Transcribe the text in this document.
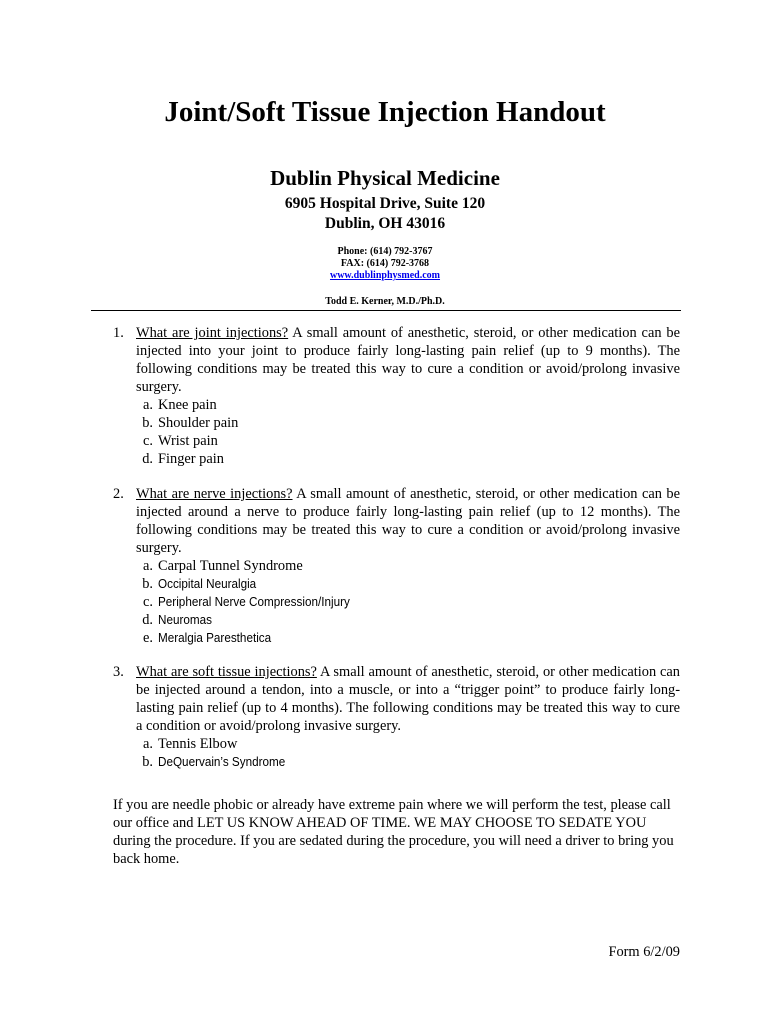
Joint/Soft Tissue Injection Handout
Dublin Physical Medicine
6905 Hospital Drive, Suite 120
Dublin, OH 43016
Phone: (614) 792-3767
FAX: (614) 792-3768
www.dublinphysmed.com
Todd E. Kerner, M.D./Ph.D.
1. What are joint injections? A small amount of anesthetic, steroid, or other medication can be injected into your joint to produce fairly long-lasting pain relief (up to 9 months). The following conditions may be treated this way to cure a condition or avoid/prolong invasive surgery.
a. Knee pain
b. Shoulder pain
c. Wrist pain
d. Finger pain
2. What are nerve injections? A small amount of anesthetic, steroid, or other medication can be injected around a nerve to produce fairly long-lasting pain relief (up to 12 months). The following conditions may be treated this way to cure a condition or avoid/prolong invasive surgery.
a. Carpal Tunnel Syndrome
b. Occipital Neuralgia
c. Peripheral Nerve Compression/Injury
d. Neuromas
e. Meralgia Paresthetica
3. What are soft tissue injections? A small amount of anesthetic, steroid, or other medication can be injected around a tendon, into a muscle, or into a “trigger point” to produce fairly long-lasting pain relief (up to 4 months). The following conditions may be treated this way to cure a condition or avoid/prolong invasive surgery.
a. Tennis Elbow
b. DeQuervain’s Syndrome
If you are needle phobic or already have extreme pain where we will perform the test, please call our office and LET US KNOW AHEAD OF TIME. WE MAY CHOOSE TO SEDATE YOU during the procedure. If you are sedated during the procedure, you will need a driver to bring you back home.
Form 6/2/09
